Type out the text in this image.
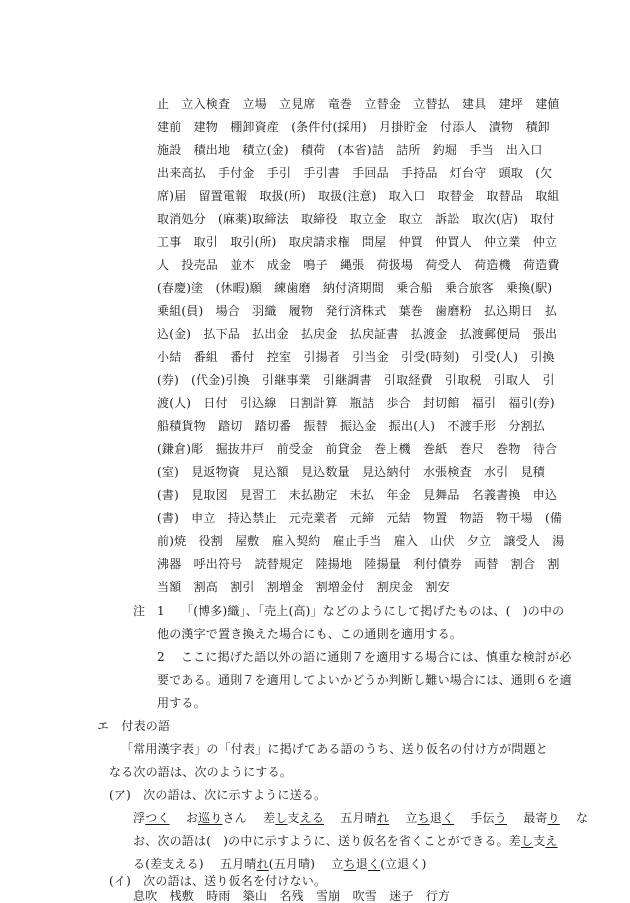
止　立入検査　立場　立見席　竜巻　立替金　立替払　建具　建坪　建値
建前　建物　棚卸資産　(条件付(採用)　月掛貯金　付添人　漬物　積卸
施設　積出地　積立(金)　積荷　(本省)詰　詰所　釣堀　手当　出入口
出来高払　手付金　手引　手引書　手回品　手持品　灯台守　頭取　(欠
席)届　留置電報　取扱(所)　取扱(注意)　取入口　取替金　取替品　取組
取消処分　(麻薬)取締法　取締役　取立金　取立　訴訟　取次(店)　取付
工事　取引　取引(所)　取戻請求権　問屋　仲買　仲買人　仲立業　仲立
人　投売品　並木　成金　鳴子　縄張　荷扱場　荷受人　荷造機　荷造費
(春慶)塗　(休暇)願　練歯磨　納付済期間　乗合船　乗合旅客　乗換(駅)
乗組(員)　場合　羽織　履物　発行済株式　葉巻　歯磨粉　払込期日　払
込(金)　払下品　払出金　払戻金　払戻証書　払渡金　払渡郵便局　張出
小結　番組　番付　控室　引揚者　引当金　引受(時刻)　引受(人)　引換
(券)　(代金)引換　引継事業　引継調書　引取経費　引取税　引取人　引
渡(人)　日付　引込線　日割計算　瓶詰　歩合　封切館　福引　福引(券)
船積貨物　踏切　踏切番　振替　振込金　振出(人)　不渡手形　分割払
(鎌倉)彫　掘抜井戸　前受金　前貸金　巻上機　巻紙　巻尺　巻物　待合
(室)　見返物資　見込額　見込数量　見込納付　水張検査　水引　見積
(書)　見取図　見習工　未払勘定　未払　年金　見舞品　名義書換　申込
(書)　申立　持込禁止　元売業者　元締　元結　物置　物語　物干場　(備
前)焼　役割　屋敷　雇入契約　雇止手当　雇入　山伏　夕立　譲受人　湯
沸器　呼出符号　読替規定　陸揚地　陸揚量　利付債券　両替　割合　割
当額　割高　割引　割増金　割増金付　割戻金　割安
注 1 「(博多)織」、「売上(高)」などのようにして掲げたものは、(　)の中の
他の漢字で置き換えた場合にも、この通則を適用する。
2 ここに掲げた語以外の語に通則７を適用する場合には、慎重な検討が必
要である。通則７を適用してよいかどうか判断し難い場合には、通則６を適
用する。
エ　付表の語
「常用漢字表」の「付表」に掲げてある語のうち、送り仮名の付け方が問題と
なる次の語は、次のようにする。
(ア)　次の語は、次に示すように送る。
浮つく　 お巡りさん　 差し支える　 五月晴れ　 立ち退く　 手伝う　 最寄り　 な
お、次の語は(　)の中に示すように、送り仮名を省くことができる。差し支え
る(差支える)　 五月晴れ(五月晴)　 立ち退く(立退く)
(イ)　次の語は、送り仮名を付けない。
息吹　桟敷　時雨　築山　名残　雪崩　吹雪　迷子　行方
